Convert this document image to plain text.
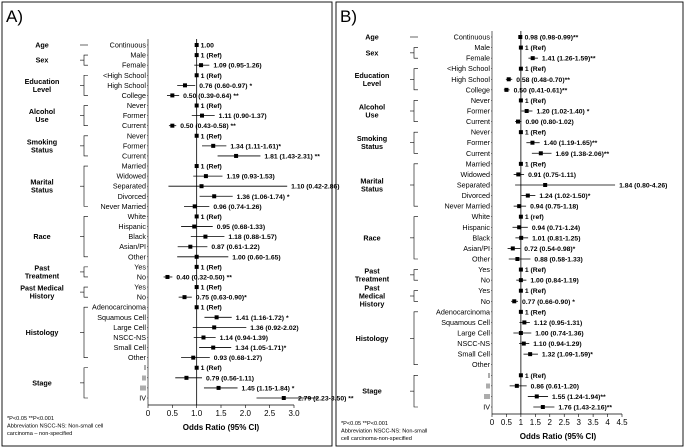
A)
Age
Sex
Education
Level
Alcohol
Use
Smoking
Status
Marital
Status
Race
Past
Treatment
Past Medical
History
Histology
Stage
Continuous	1.00
Male	1 (Ref)
Female	1.09 (0.95-1.26)
<High School	1 (Ref)
High School	0.76 (0.60-0.97) *
College	0.50 (0.39-0.64) **
Never	1 (Ref)
Former	1.11 (0.90-1.37)
Current	0.50 (0.43-0.58) **
Never	1 (Ref)
Former	1.34 (1.11-1.61)*
Current	1.81 (1.43-2.31) **
Married	1 (Ref)
Widowed	1.19 (0.93-1.53)
Separated	1.10 (0.42-2.86)
Divorced	1.36 (1.06-1.74) *
Never Married	0.96 (0.74-1.26)
White	1 (Ref)
Hispanic	0.95 (0.68-1.33)
Black	1.18 (0.88-1.57)
Asian/PI	0.87 (0.61-1.22)
Other	1.00 (0.60-1.65)
Yes	1 (Ref)
No	0.40 (0.32-0.50) **
Yes	1 (Ref)
No	0.75 (0.63-0.90)*
Adenocarcinoma	1 (Ref)
Squamous Cell	1.41 (1.16-1.72) *
Large Cell	1.36 (0.92-2.02)
NSCC-NS	1.14 (0.94-1.39)
Small Cell	1.34 (1.05-1.71)*
Other	0.93 (0.68-1.27)
I	1 (Ref)
II	0.79 (0.56-1.11)
III	1.45 (1.15-1.84) *
IV	2.79 (2.23-3.50) **
0 0.5 1.0 1.5 2.0 2.5 3.0
Odds Ratio (95% CI)
*P<0.05 **P<0.001
Abbreviation NSCC-NS: Non-small cell
carcinoma – non-specified
B)
Age
Sex
Education
Level
Alcohol
Use
Smoking
Status
Marital
Status
Race
Past
Treatment
Past
Medical
History
Histology
Stage
Continuous	0.98 (0.98-0.99)**
Male	1 (Ref)
Female	1.41 (1.26-1.59)**
<High School	1 (Ref)
High School	0.58 (0.48-0.70)**
College	0.50 (0.41-0.61)**
Never	1 (Ref)
Former	1.20 (1.02-1.40) *
Current	0.90 (0.80-1.02)
Never	1 (Ref)
Former	1.40 (1.19-1.65)**
Current	1.69 (1.38-2.06)**
Married	1 (Ref)
Widowed	0.91 (0.75-1.11)
Separated	1.84 (0.80-4.26)
Divorced	1.24 (1.02-1.50)*
Never Married	0.94 (0.75-1.18)
White	1 (ref)
Hispanic	0.94 (0.71-1.24)
Black	1.01 (0.81-1.25)
Asian/PI	0.72 (0.54-0.98)*
Other	0.88 (0.58-1.33)
Yes	1 (Ref)
No	1.00 (0.84-1.19)
Yes	1 (Ref)
No	0.77 (0.66-0.90) *
Adenocarcinoma	1 (Ref)
Squamous Cell	1.12 (0.95-1.31)
Large Cell	1.00 (0.74-1.36)
NSCC-NS	1.10 (0.94-1.29)
Small Cell	1.32 (1.09-1.59)*
Other
I	1 (Ref)
II	0.86 (0.61-1.20)
III	1.55 (1.24-1.94)**
IV	1.76 (1.43-2.16)**
0 0.5 1 1.5 2 2.5 3 3.5 4 4.5
Odds Ratio (95% CI)
*P<0.05 **P<0.001
Abbreviation NSCC-NS: Non-small
cell carcinoma-non-specified
